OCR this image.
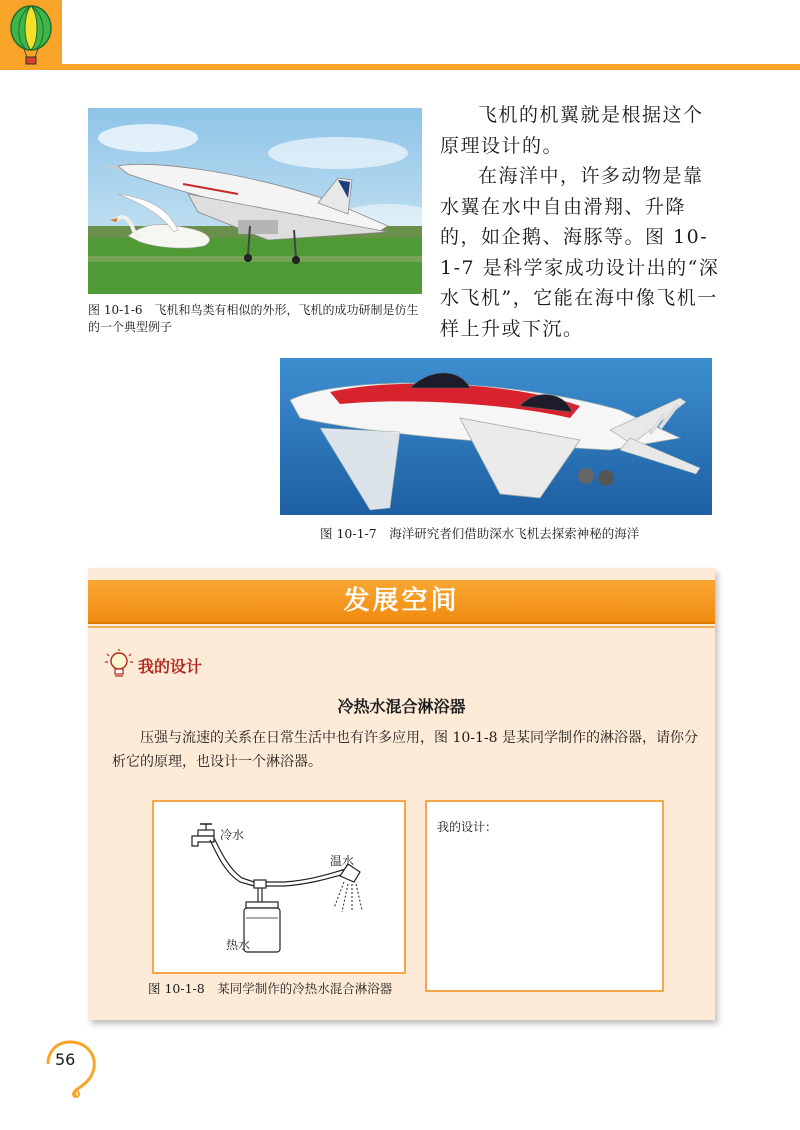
图 10-1-6　飞机和鸟类有相似的外形，飞机的成功研制是仿生的一个典型例子

飞机的机翼就是根据这个原理设计的。

在海洋中，许多动物是靠水翼在水中自由滑翔、升降的，如企鹅、海豚等。图 10-1-7 是科学家成功设计出的“深水飞机”，它能在海中像飞机一样上升或下沉。

图 10-1-7　海洋研究者们借助深水飞机去探索神秘的海洋
发展空间
我的设计
冷热水混合淋浴器

压强与流速的关系在日常生活中也有许多应用，图 10-1-8 是某同学制作的淋浴器，请你分析它的原理，也设计一个淋浴器。

冷水
温水
热水
我的设计：
图 10-1-8　某同学制作的冷热水混合淋浴器
56
